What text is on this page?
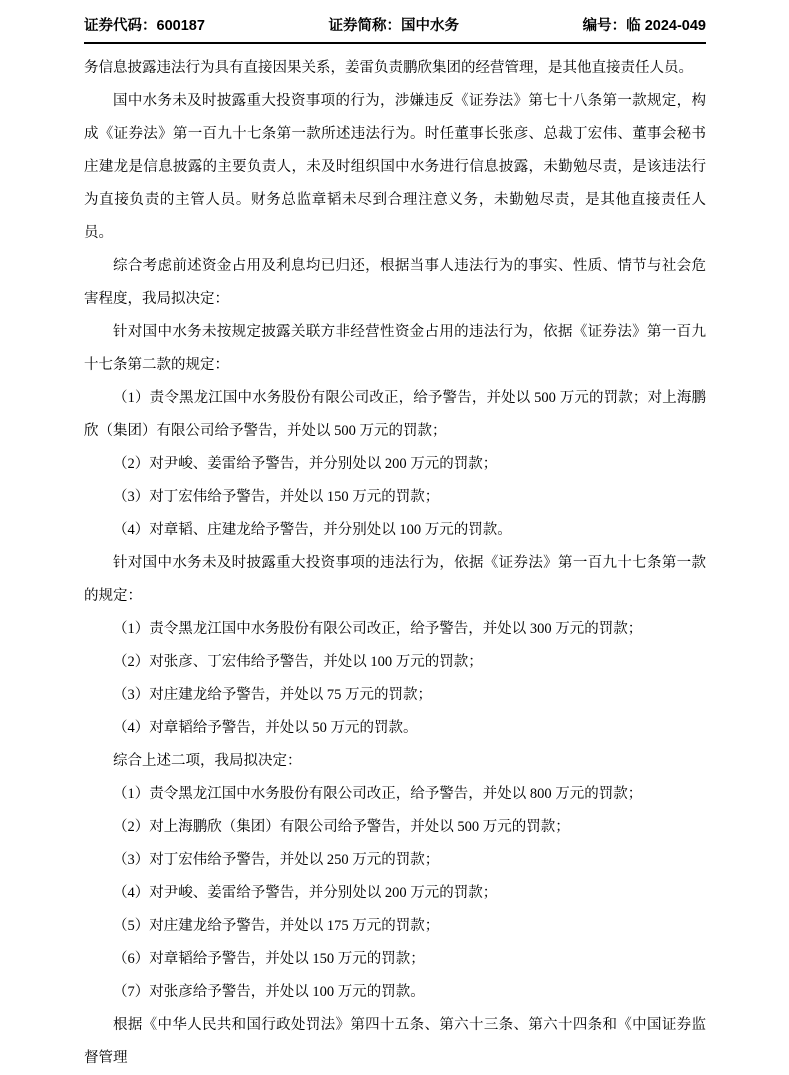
证券代码：600187	证券简称：国中水务	编号：临 2024-049

务信息披露违法行为具有直接因果关系，姜雷负责鹏欣集团的经营管理，是其他直接责任人员。

国中水务未及时披露重大投资事项的行为，涉嫌违反《证券法》第七十八条第一款规定，构成《证券法》第一百九十七条第一款所述违法行为。时任董事长张彦、总裁丁宏伟、董事会秘书庄建龙是信息披露的主要负责人，未及时组织国中水务进行信息披露，未勤勉尽责，是该违法行为直接负责的主管人员。财务总监章韬未尽到合理注意义务，未勤勉尽责，是其他直接责任人员。

综合考虑前述资金占用及利息均已归还，根据当事人违法行为的事实、性质、情节与社会危害程度，我局拟决定：

针对国中水务未按规定披露关联方非经营性资金占用的违法行为，依据《证券法》第一百九十七条第二款的规定：

（1）责令黑龙江国中水务股份有限公司改正，给予警告，并处以 500 万元的罚款；对上海鹏欣（集团）有限公司给予警告，并处以 500 万元的罚款；

（2）对尹峻、姜雷给予警告，并分别处以 200 万元的罚款；

（3）对丁宏伟给予警告，并处以 150 万元的罚款；

（4）对章韬、庄建龙给予警告，并分别处以 100 万元的罚款。

针对国中水务未及时披露重大投资事项的违法行为，依据《证券法》第一百九十七条第一款的规定：

（1）责令黑龙江国中水务股份有限公司改正，给予警告，并处以 300 万元的罚款；

（2）对张彦、丁宏伟给予警告，并处以 100 万元的罚款；

（3）对庄建龙给予警告，并处以 75 万元的罚款；

（4）对章韬给予警告，并处以 50 万元的罚款。

综合上述二项，我局拟决定：

（1）责令黑龙江国中水务股份有限公司改正，给予警告，并处以 800 万元的罚款；

（2）对上海鹏欣（集团）有限公司给予警告，并处以 500 万元的罚款；

（3）对丁宏伟给予警告，并处以 250 万元的罚款；

（4）对尹峻、姜雷给予警告，并分别处以 200 万元的罚款；

（5）对庄建龙给予警告，并处以 175 万元的罚款；

（6）对章韬给予警告，并处以 150 万元的罚款；

（7）对张彦给予警告，并处以 100 万元的罚款。

根据《中华人民共和国行政处罚法》第四十五条、第六十三条、第六十四条和《中国证券监督管理
